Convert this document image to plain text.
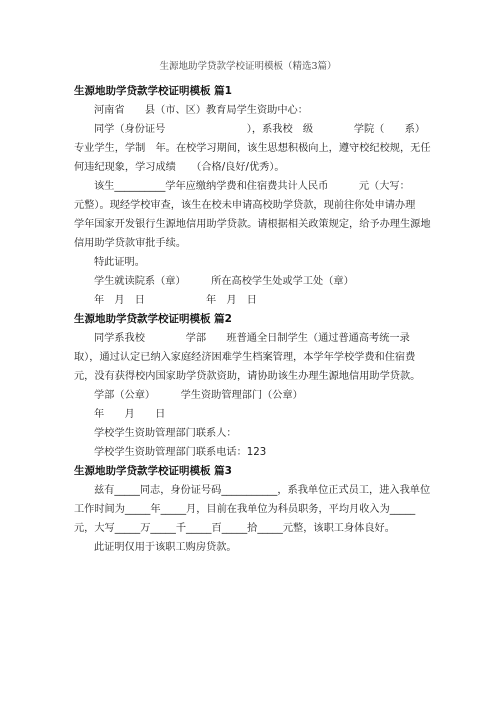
生源地助学贷款学校证明模板（精选3篇）
生源地助学贷款学校证明模板 篇1

河南省　　县（市、区）教育局学生资助中心：

同学（身份证号　　　　　　　　），系我校　级　　　　学院（　　系）　　　　　专业学生，学制　年。在校学习期间，该生思想积极向上，遵守校纪校规，无任何违纪现象，学习成绩　　（合格/良好/优秀）。

该生__________学年应缴纳学费和住宿费共计人民币　　　元（大写：　　　　元整）。现经学校审查，该生在校未申请高校助学贷款，现前往你处申请办理　　　　学年国家开发银行生源地信用助学贷款。请根据相关政策规定，给予办理生源地信用助学贷款审批手续。

特此证明。

学生就读院系（章）　　　所在高校学生处或学工处（章）

年　月　日　　　　　　年　月　日

生源地助学贷款学校证明模板 篇2

同学系我校　　　　学部　　班普通全日制学生（通过普通高考统一录取），通过认定已纳入家庭经济困难学生档案管理，本学年学校学费和住宿费　　元，没有获得校内国家助学贷款资助，请协助该生办理生源地信用助学贷款。

学部（公章）　　　学生资助管理部门（公章）

年　　月　　日

学校学生资助管理部门联系人：

学校学生资助管理部门联系电话：123

生源地助学贷款学校证明模板 篇3

兹有_____同志，身份证号码___________，系我单位正式员工，进入我单位工作时间为_____年_____月，目前在我单位为科员职务，平均月收入为_____元，大写_____万_____千_____百_____拾_____元整，该职工身体良好。

此证明仅用于该职工购房贷款。
